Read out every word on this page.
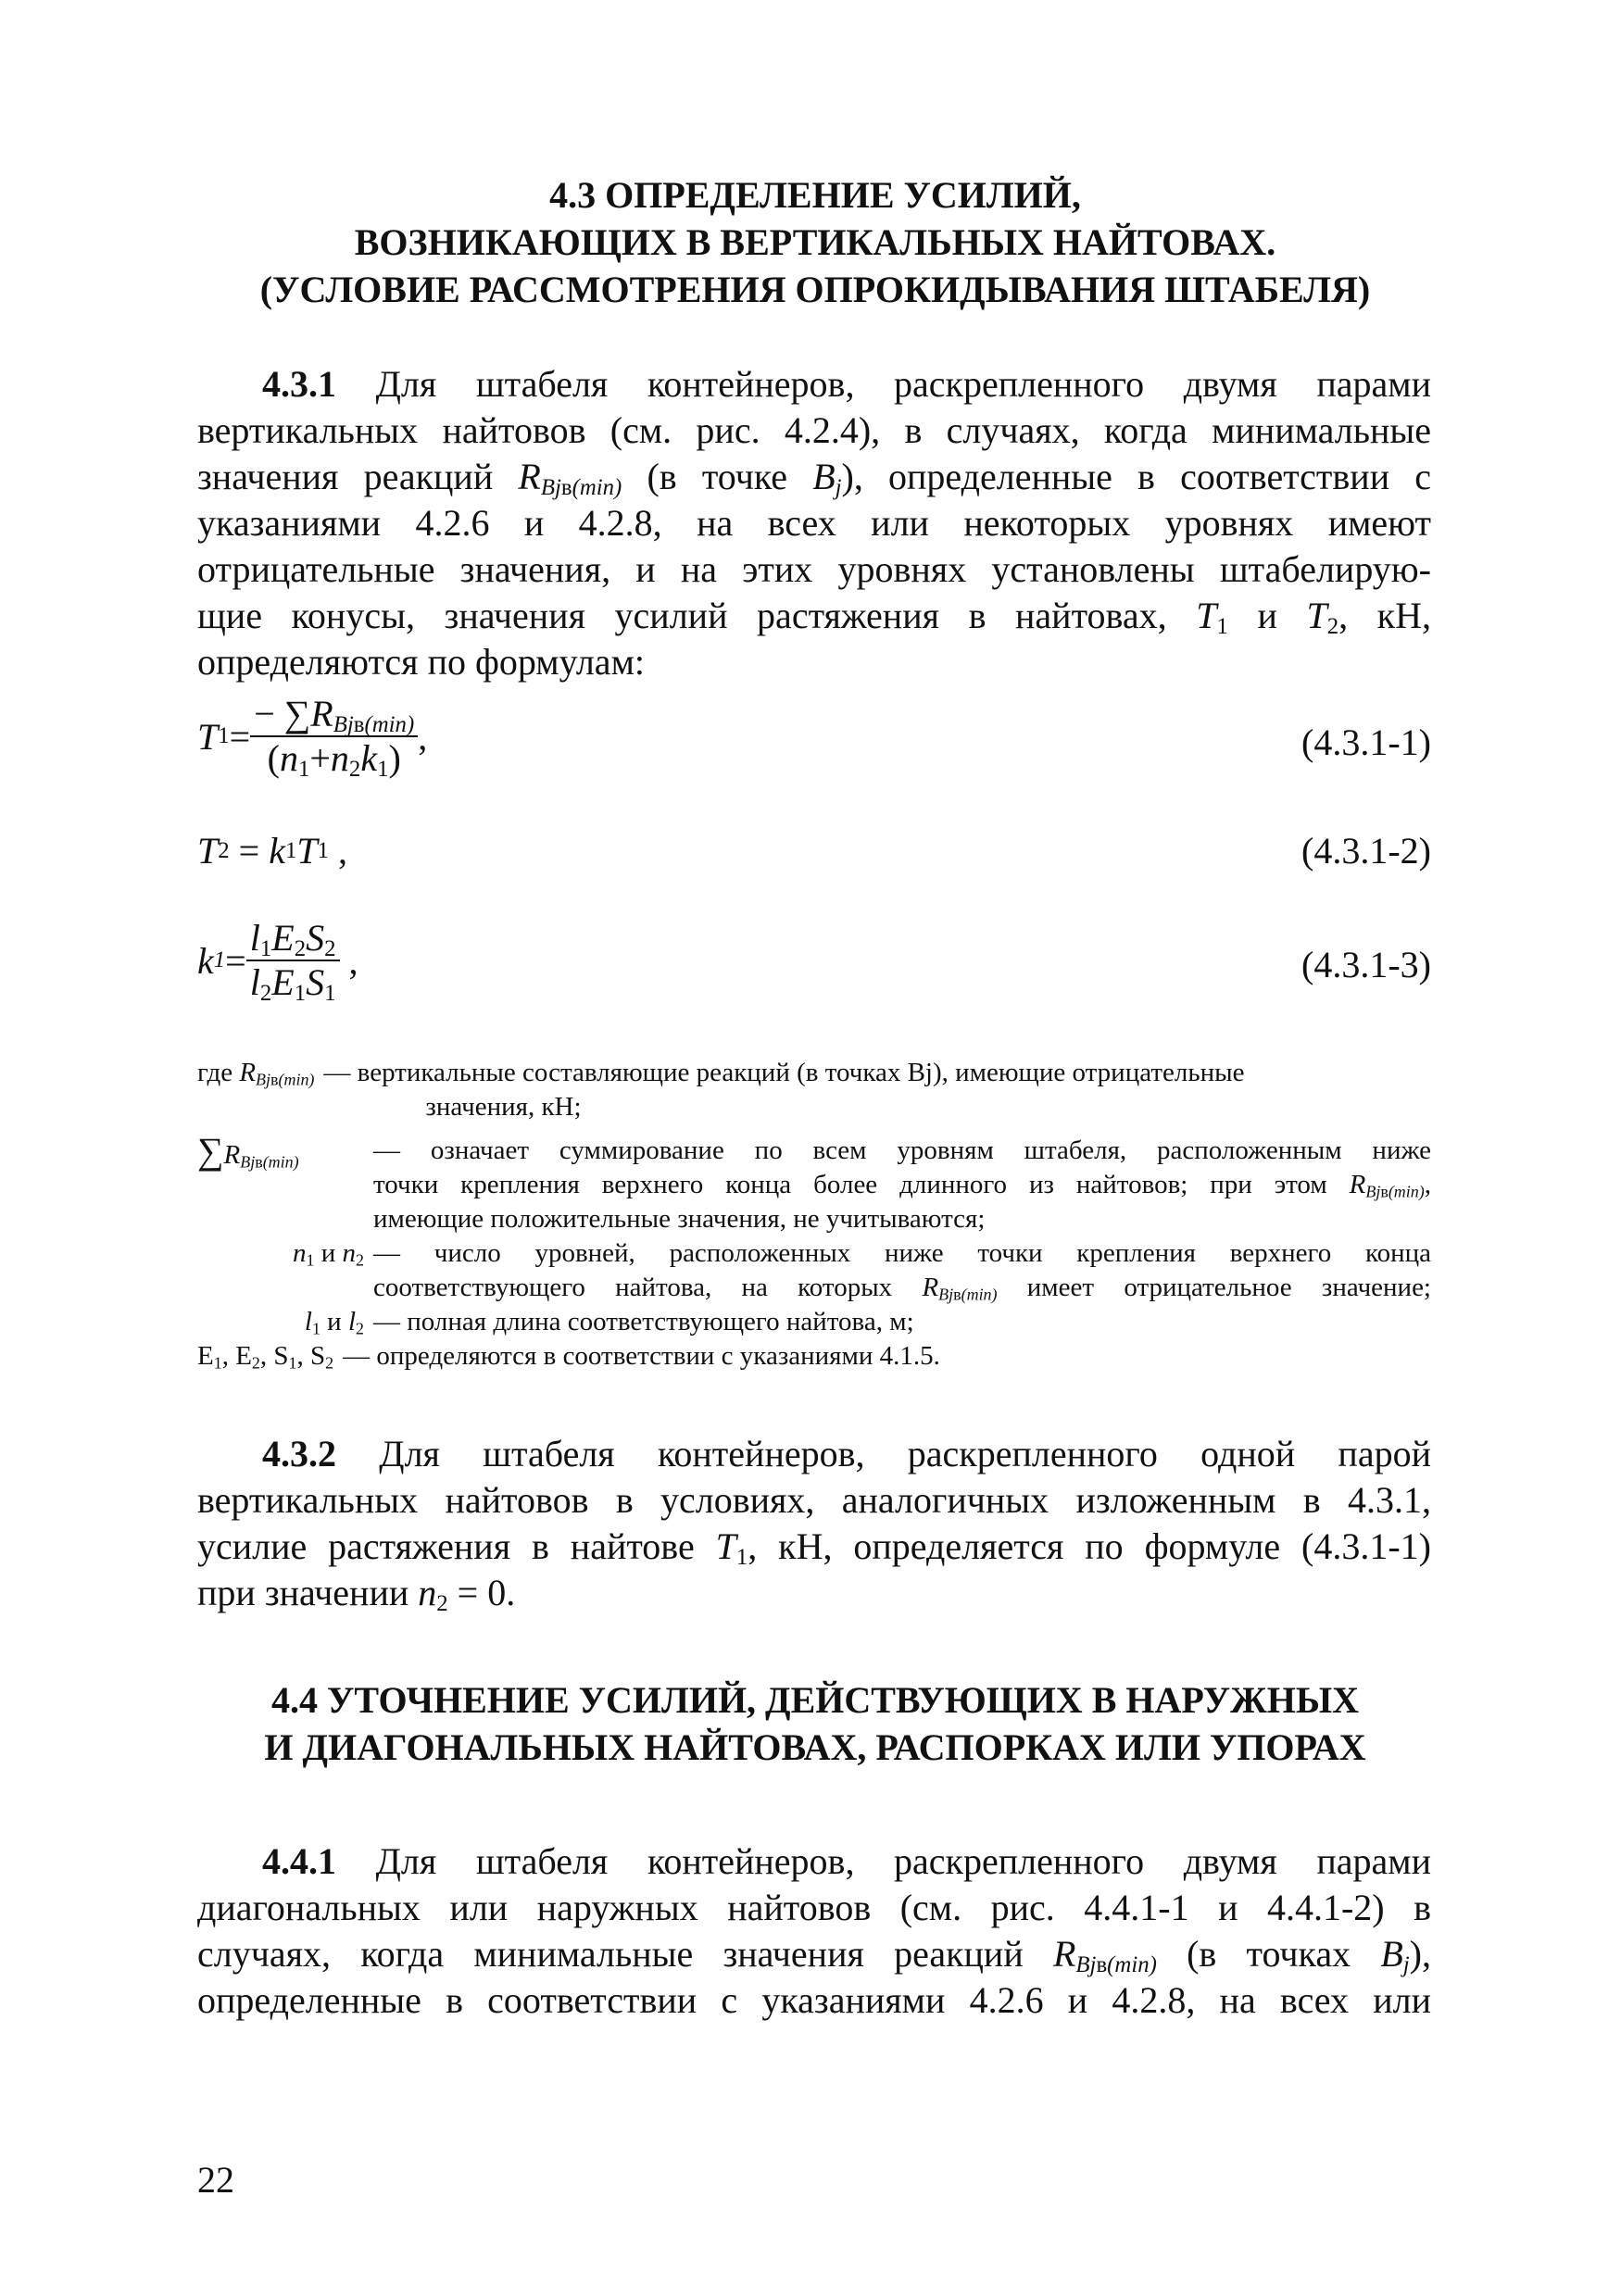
4.3 ОПРЕДЕЛЕНИЕ УСИЛИЙ,
ВОЗНИКАЮЩИХ В ВЕРТИКАЛЬНЫХ НАЙТОВАХ.
(УСЛОВИЕ РАССМОТРЕНИЯ ОПРОКИДЫВАНИЯ ШТАБЕЛЯ)
4.3.1 Для штабеля контейнеров, раскрепленного двумя парами
вертикальных найтовов (см. рис. 4.2.4), в случаях, когда минимальные
значения реакций $R_{Bjв(min)}$ (в точке $B_j$), определенные в соответствии с
указаниями 4.2.6 и 4.2.8, на всех или некоторых уровнях имеют
отрицательные значения, и на этих уровнях установлены штабелирую-
щие конусы, значения усилий растяжения в найтовах, $T_1$ и $T_2$, кН,
определяются по формулам:
T $1 = \frac{- \sum R_{Bjв(min)}}{(n_1+n_2k_1)}$ ,	(4.3.1-1)
T 2 = k 1 T 1 ,	(4.3.1-2)
k $1 = \frac{l_1E_2S_2}{l_2E_1S_1}$ ,	(4.3.1-3)
где $R_{Bjв(min)}$ — вертикальные составляющие реакций (в точках Bj), имеющие отрицательные
значения, кН;
$\sum R_{Bjв(min)}$	— означает суммирование по всем уровням штабеля, расположенным ниже
точки крепления верхнего конца более длинного из найтовов; при этом $R_{Bjв(min)}$,
имеющие положительные значения, не учитываются;
$n_1$ и $n_2$ — число уровней, расположенных ниже точки крепления верхнего конца
соответствующего найтова, на которых $R_{Bjв(min)}$ имеет отрицательное значение;
$l_1$ и $l_2$ — полная длина соответствующего найтова, м;
$E_1$, $E_2$, $S_1$, $S_2$ — определяются в соответствии с указаниями 4.1.5.
4.3.2 Для штабеля контейнеров, раскрепленного одной парой
вертикальных найтовов в условиях, аналогичных изложенным в 4.3.1,
усилие растяжения в найтове $T_1$, кН, определяется по формуле (4.3.1-1)
при значении $n_2 = 0$.
4.4 УТОЧНЕНИЕ УСИЛИЙ, ДЕЙСТВУЮЩИХ В НАРУЖНЫХ
И ДИАГОНАЛЬНЫХ НАЙТОВАХ, РАСПОРКАХ ИЛИ УПОРАХ
4.4.1 Для штабеля контейнеров, раскрепленного двумя парами
диагональных или наружных найтовов (см. рис. 4.4.1-1 и 4.4.1-2) в
случаях, когда минимальные значения реакций $R_{Bjв(min)}$ (в точках $B_j$),
определенные в соответствии с указаниями 4.2.6 и 4.2.8, на всех или
22
